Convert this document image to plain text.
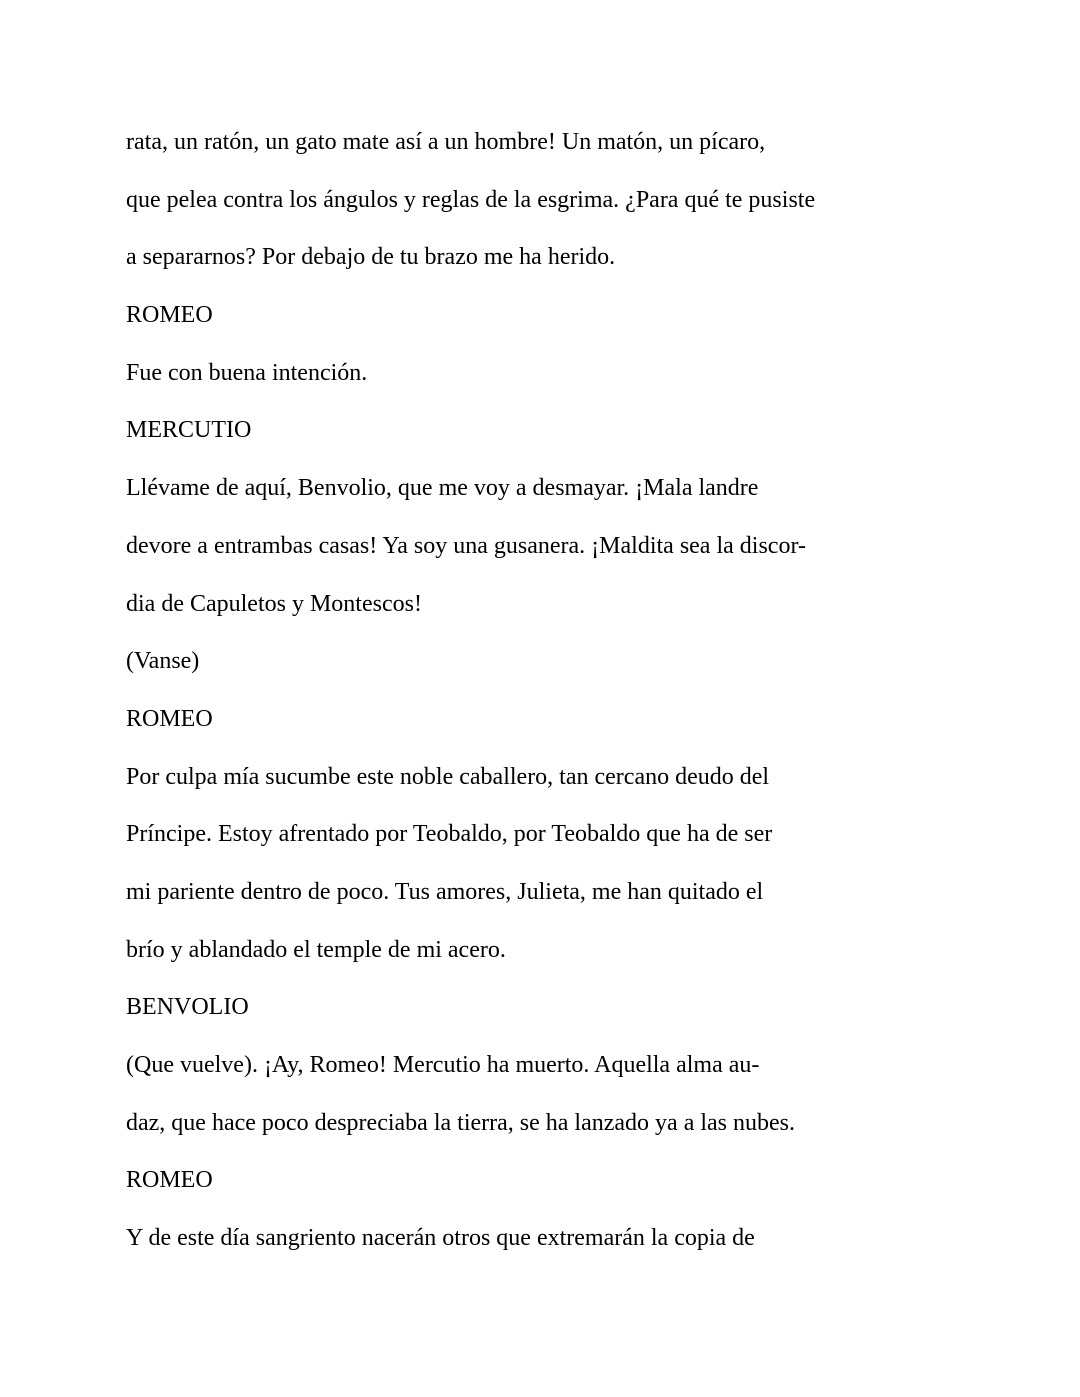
rata, un ratón, un gato mate así a un hombre! Un matón, un pícaro,
que pelea contra los ángulos y reglas de la esgrima. ¿Para qué te pusiste
a separarnos? Por debajo de tu brazo me ha herido.
ROMEO
Fue con buena intención.
MERCUTIO
Llévame de aquí, Benvolio, que me voy a desmayar. ¡Mala landre
devore a entrambas casas! Ya soy una gusanera. ¡Maldita sea la discor-
dia de Capuletos y Montescos!
(Vanse)
ROMEO
Por culpa mía sucumbe este noble caballero, tan cercano deudo del
Príncipe. Estoy afrentado por Teobaldo, por Teobaldo que ha de ser
mi pariente dentro de poco. Tus amores, Julieta, me han quitado el
brío y ablandado el temple de mi acero.
BENVOLIO
(Que vuelve). ¡Ay, Romeo! Mercutio ha muerto. Aquella alma au-
daz, que hace poco despreciaba la tierra, se ha lanzado ya a las nubes.
ROMEO
Y de este día sangriento nacerán otros que extremarán la copia de
